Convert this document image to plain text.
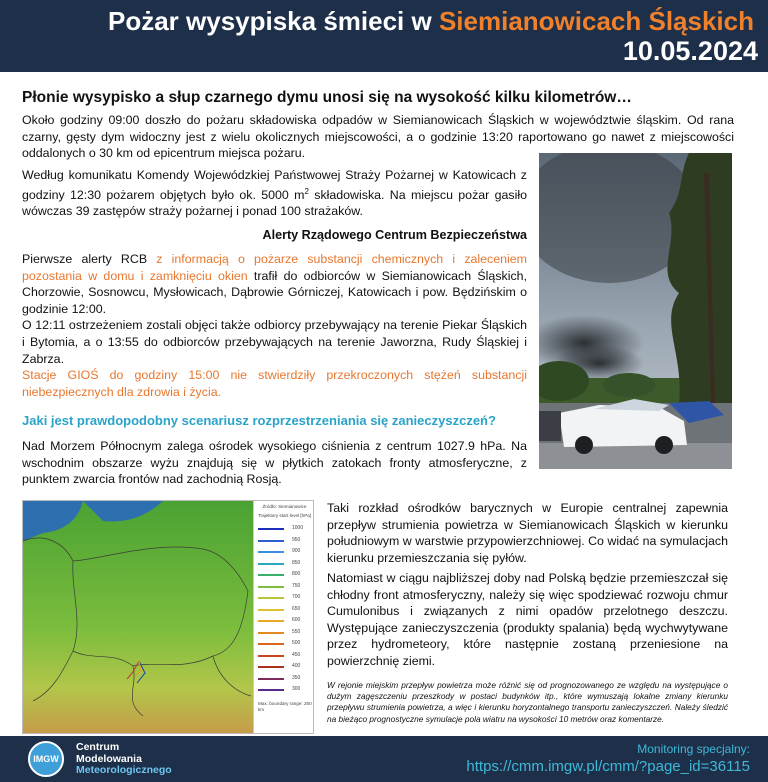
Pożar wysypiska śmieci w Siemianowicach Śląskich
10.05.2024
Płonie wysypisko a słup czarnego dymu unosi się na wysokość kilku kilometrów…
Około godziny 09:00 doszło do pożaru składowiska odpadów w Siemianowicach Śląskich w województwie śląskim. Od rana czarny, gęsty dym widoczny jest z wielu okolicznych miejscowości, a o godzinie 13:20 raportowano go nawet z miejscowości oddalonych o 30 km od epicentrum miejsca pożaru.
Według komunikatu Komendy Wojewódzkiej Państwowej Straży Pożarnej w Katowicach z godziny 12:30 pożarem objętych było ok. 5000 $m^2$ składowiska. Na miejscu pożar gasiło wówczas 39 zastępów straży pożarnej i ponad 100 strażaków.
Alerty Rządowego Centrum Bezpieczeństwa
Pierwsze alerty RCB z informacją o pożarze substancji chemicznych i zaleceniem pozostania w domu i zamknięciu okien trafił do odbiorców w Siemianowicach Śląskich, Chorzowie, Sosnowcu, Mysłowicach, Dąbrowie Górniczej, Katowicach i pow. Będzińskim o godzinie 12:00.
O 12:11 ostrzeżeniem zostali objęci także odbiorcy przebywający na terenie Piekar Śląskich i Bytomia, a o 13:55 do odbiorców przebywających na terenie Jaworzna, Rudy Śląskiej i Zabrza.
Stacje GIOŚ do godziny 15:00 nie stwierdziły przekroczonych stężeń substancji niebezpiecznych dla zdrowia i życia.
Jaki jest prawdopodobny scenariusz rozprzestrzeniania się zanieczyszczeń?
Nad Morzem Północnym zalega ośrodek wysokiego ciśnienia z centrum 1027.9 hPa. Na wschodnim obszarze wyżu znajdują się w płytkich zatokach fronty atmosferyczne, z punktem zwarcia frontów nad zachodnią Rosją.
Taki rozkład ośrodków barycznych w Europie centralnej zapewnia przepływ strumienia powietrza w Siemianowicach Śląskich w kierunku południowym w warstwie przypowierzchniowej. Co widać na symulacjach kierunku przemieszczania się pyłów.
Natomiast w ciągu najbliższej doby nad Polską będzie przemieszczał się chłodny front atmosferyczny, należy się więc spodziewać rozwoju chmur Cumulonibus i związanych z nimi opadów przelotnego deszczu. Występujące zanieczyszczenia (produkty spalania) będą wychwytywane przez hydrometeory, które następnie zostaną przeniesione na powierzchnię ziemi.
W rejonie miejskim przepływ powietrza może różnić się od prognozowanego ze względu na występujące o dużym zagęszczeniu przeszkody w postaci budynków itp., które wymuszają lokalne zmiany kierunku przepływu strumienia powietrza, a więc i kierunku horyzontalnego transportu zanieczyszczeń. Należy śledzić na bieżąco prognostyczne symulacje pola wiatru na wysokości 10 metrów oraz komentarze.
Źródło: Siemianowice
Trajektory start level [hPa]
1000
950
900
850
800
750
700
650
600
550
500
450
400
350
300
Max. boundary range: 250 km
IMGW
Centrum
Modelowania
Meteorologicznego
Monitoring specjalny:
https://cmm.imgw.pl/cmm/?page_id=36115
